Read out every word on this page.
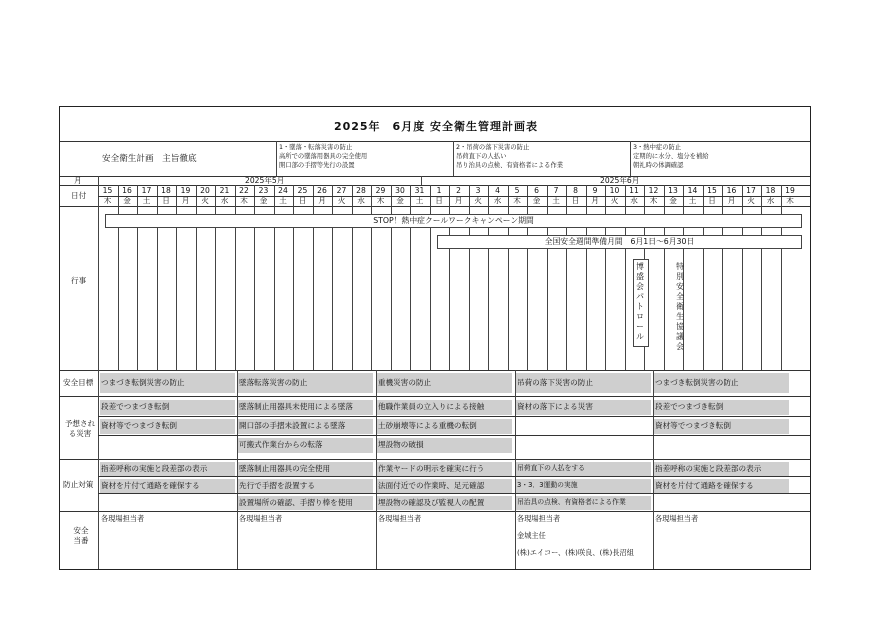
2025年　6月度 安全衛生管理計画表
安全衛生計画　主旨徹底
1・墜落・転落災害の防止
高所での墜落用器具の完全使用
開口部の手摺等先行の設置
2・吊荷の落下災害の防止
吊荷直下の人払い
吊り治具の点検、有資格者による作業
3・熱中症の防止
定期的に水分、塩分を補給
朝礼時の体調確認
月
日付
行事
安全目標
予想される災害
防止対策
安全当番
2025年5月	2025年6月
15
木
16
金
17
土
18
日
19
月
20
火
21
水
22
木
23
金
24
土
25
日
26
月
27
火
28
水
29
木
30
金
31
土
1
日
2
月
3
火
4
水
5
木
6
金
7
土
8
日
9
月
10
火
11
水
12
木
13
金
14
土
15
日
16
月
17
火
18
水
19
木
STOP！熱中症クールワークキャンペーン期間
全国安全週間準備月間　6月1日～6月30日
博盛会パトロール
特別安全衛生協議会
つまづき転倒災害の防止
段差でつまづき転倒
資材等でつまづき転倒
指差呼称の実施と段差部の表示
資材を片付て通路を確保する
各現場担当者
墜落転落災害の防止
墜落制止用器具未使用による墜落
開口部の手摺未設置による墜落
可搬式作業台からの転落
墜落制止用器具の完全使用
先行で手摺を設置する
設置場所の確認、手摺り棒を使用
各現場担当者
重機災害の防止
他職作業員の立入りによる接触
土砂崩壊等による重機の転倒
埋設物の破損
作業ヤードの明示を確実に行う
法面付近での作業時、足元確認
埋設物の確認及び監視人の配置
各現場担当者
吊荷の落下災害の防止
資材の落下による災害
吊荷直下の人払をする
3・3．3運動の実施
吊治具の点検、有資格者による作業
各現場担当者
金城主任
(株)エイコー、(株)咲良、(株)長沼組
つまづき転倒災害の防止
段差でつまづき転倒
資材等でつまづき転倒
指差呼称の実施と段差部の表示
資材を片付て通路を確保する
各現場担当者
